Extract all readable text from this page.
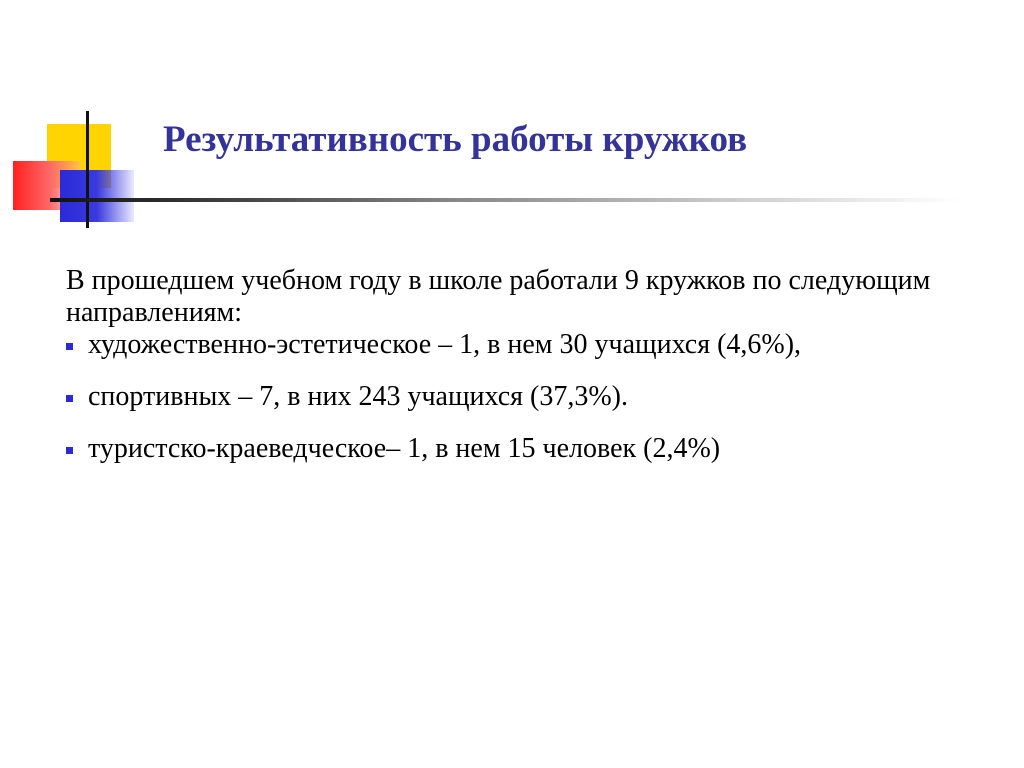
Результативность работы кружков

В прошедшем учебном году в школе работали 9 кружков по следующим направлениям:

художественно-эстетическое – 1, в нем 30 учащихся (4,6%),
спортивных – 7, в них 243 учащихся (37,3%).
туристско-краеведческое– 1, в нем 15 человек (2,4%)
